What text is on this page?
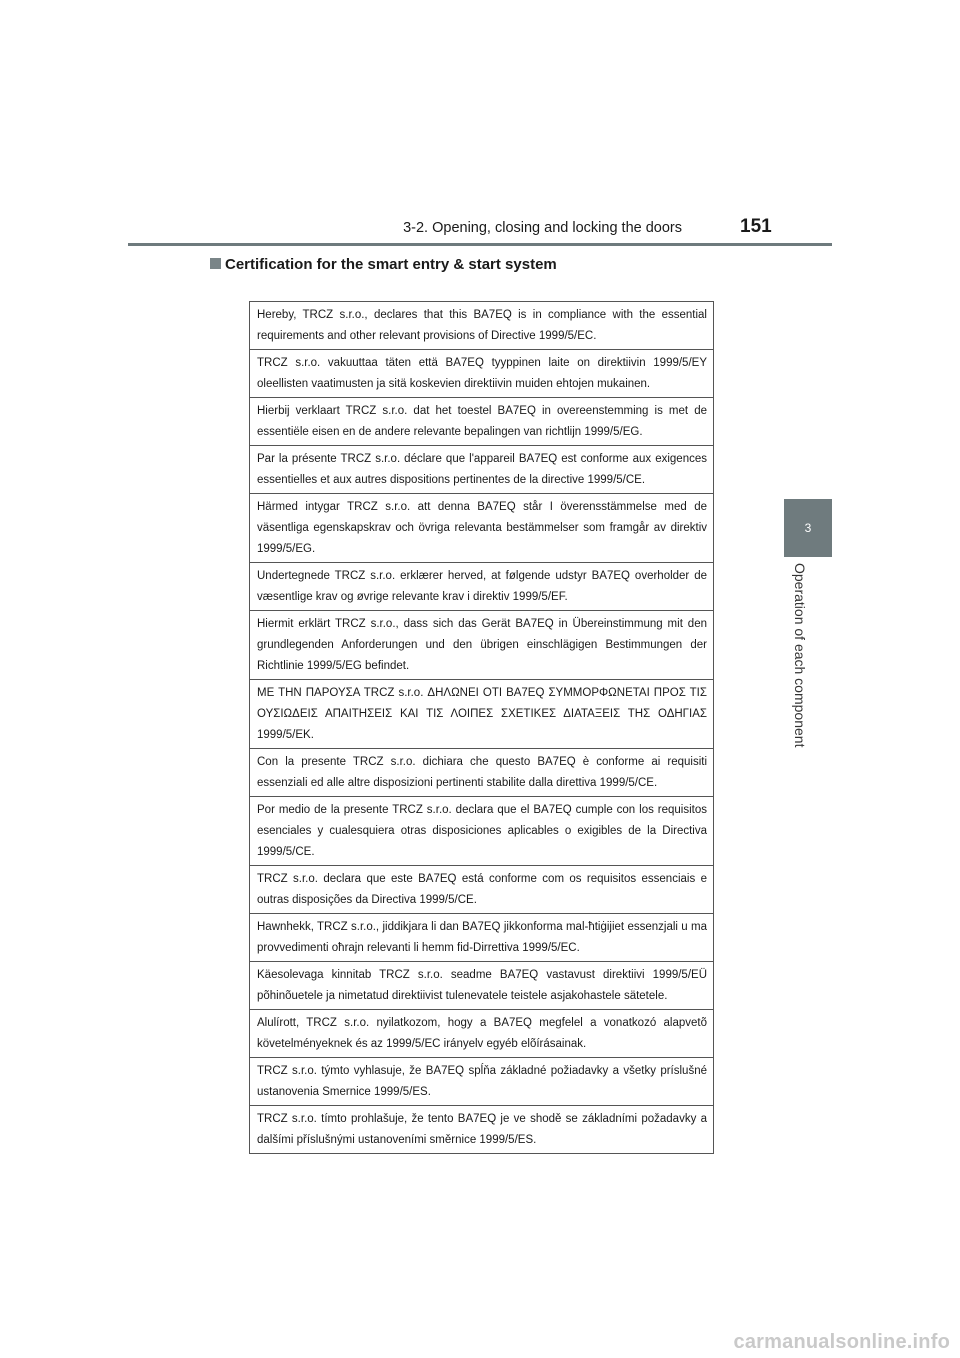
3-2. Opening, closing and locking the doors	151
Certification for the smart entry & start system
Hereby, TRCZ s.r.o., declares that this BA7EQ is in compliance with the essential requirements and other relevant provisions of Directive 1999/5/EC.
TRCZ s.r.o. vakuuttaa täten että BA7EQ tyyppinen laite on direktiivin 1999/5/EY oleellisten vaatimusten ja sitä koskevien direktiivin muiden ehtojen mukainen.
Hierbij verklaart TRCZ s.r.o. dat het toestel BA7EQ in overeenstemming is met de essentiële eisen en de andere relevante bepalingen van richtlijn 1999/5/EG.
Par la présente TRCZ s.r.o. déclare que l'appareil BA7EQ est conforme aux exigences essentielles et aux autres dispositions pertinentes de la directive 1999/5/CE.
Härmed intygar TRCZ s.r.o. att denna BA7EQ står I överensstämmelse med de väsentliga egenskapskrav och övriga relevanta bestämmelser som framgår av direktiv 1999/5/EG.
Undertegnede TRCZ s.r.o. erklærer herved, at følgende udstyr BA7EQ overholder de væsentlige krav og øvrige relevante krav i direktiv 1999/5/EF.
Hiermit erklärt TRCZ s.r.o., dass sich das Gerät BA7EQ in Übereinstimmung mit den grundlegenden Anforderungen und den übrigen einschlägigen Bestimmungen der Richtlinie 1999/5/EG befindet.
ΜΕ ΤΗΝ ΠΑΡΟΥΣΑ TRCZ s.r.o. ΔΗΛΩΝΕΙ ΟΤΙ BA7EQ ΣΥΜΜΟΡΦΩΝΕΤΑΙ ΠΡΟΣ ΤΙΣ ΟΥΣΙΩΔΕΙΣ ΑΠΑΙΤΗΣΕΙΣ ΚΑΙ ΤΙΣ ΛΟΙΠΕΣ ΣΧΕΤΙΚΕΣ ΔΙΑΤΑΞΕΙΣ ΤΗΣ ΟΔΗΓΙΑΣ 1999/5/ΕΚ.
Con la presente TRCZ s.r.o. dichiara che questo BA7EQ è conforme ai requisiti essenziali ed alle altre disposizioni pertinenti stabilite dalla direttiva 1999/5/CE.
Por medio de la presente TRCZ s.r.o. declara que el BA7EQ cumple con los requisitos esenciales y cualesquiera otras disposiciones aplicables o exigibles de la Directiva 1999/5/CE.
TRCZ s.r.o. declara que este BA7EQ está conforme com os requisitos essenciais e outras disposições da Directiva 1999/5/CE.
Hawnhekk, TRCZ s.r.o., jiddikjara li dan BA7EQ jikkonforma mal-ħtiġijiet essenzjali u ma provvedimenti oħrajn relevanti li hemm fid-Dirrettiva 1999/5/EC.
Käesolevaga kinnitab TRCZ s.r.o. seadme BA7EQ vastavust direktiivi 1999/5/EÜ põhinõuetele ja nimetatud direktiivist tulenevatele teistele asjakohastele sätetele.
Alulírott, TRCZ s.r.o. nyilatkozom, hogy a BA7EQ megfelel a vonatkozó alapvetõ követelményeknek és az 1999/5/EC irányelv egyéb elõírásainak.
TRCZ s.r.o. týmto vyhlasuje, že BA7EQ spĺňa základné požiadavky a všetky príslušné ustanovenia Smernice 1999/5/ES.
TRCZ s.r.o. tímto prohlašuje, že tento BA7EQ je ve shodě se základními požadavky a dalšími příslušnými ustanoveními směrnice 1999/5/ES.
3
Operation of each component
carmanualsonline.info
